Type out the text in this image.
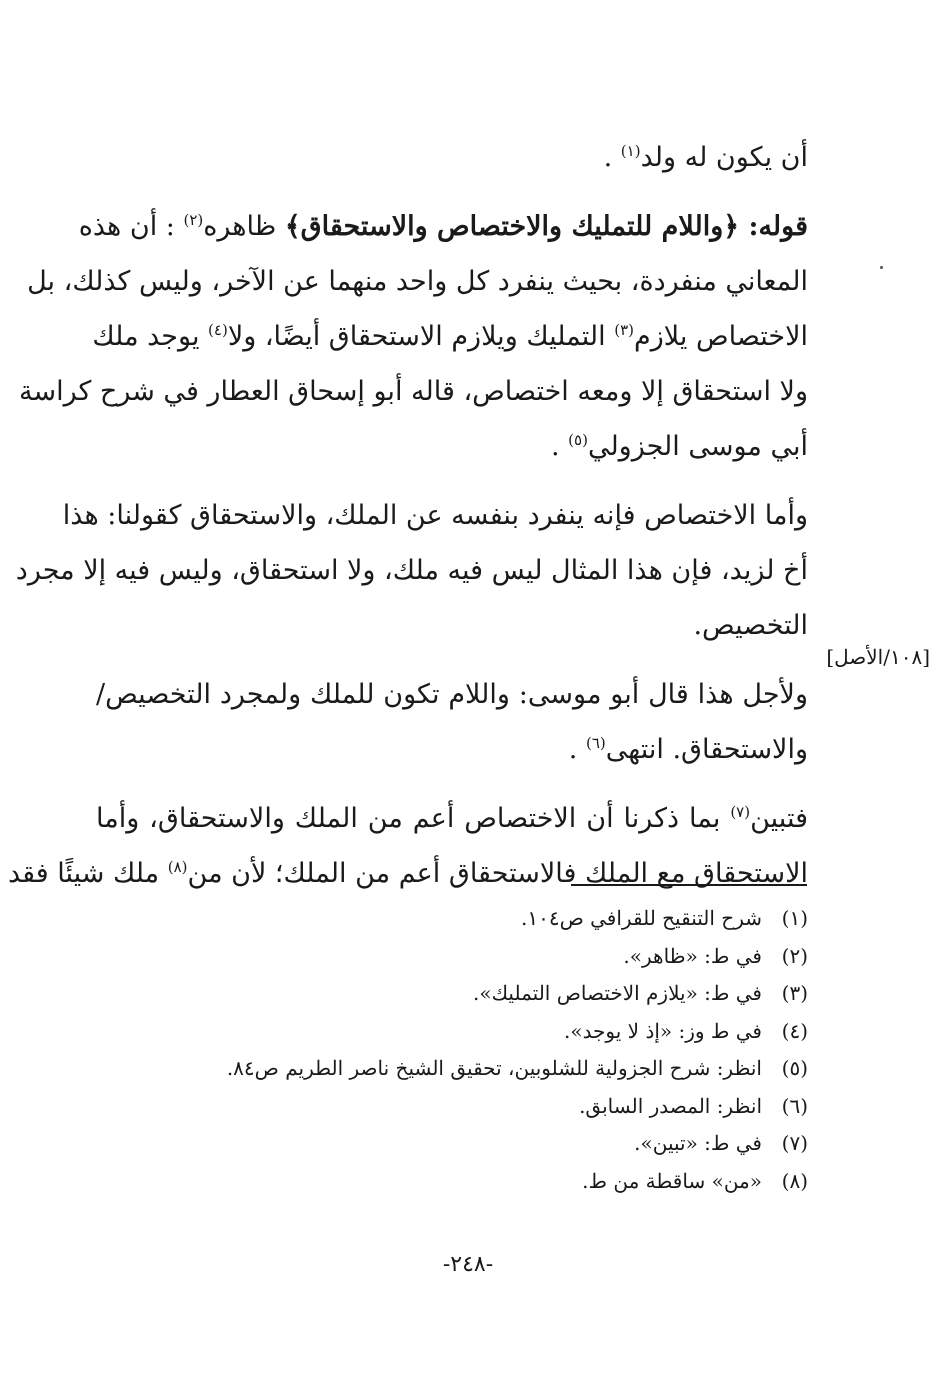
[١٠٨/الأصل]
أن يكون له ولد$^{(١)}$ .
قوله: ﴿واللام للتمليك والاختصاص والاستحقاق﴾ ظاهره$^{(٢)}$ : أن هذه
المعاني منفردة، بحيث ينفرد كل واحد منهما عن الآخر، وليس كذلك، بل
الاختصاص يلازم$^{(٣)}$ التمليك ويلازم الاستحقاق أيضًا، ولا$^{(٤)}$ يوجد ملك
ولا استحقاق إلا ومعه اختصاص، قاله أبو إسحاق العطار في شرح كراسة
أبي موسى الجزولي$^{(٥)}$ .
وأما الاختصاص فإنه ينفرد بنفسه عن الملك، والاستحقاق كقولنا: هذا
أخ لزيد، فإن هذا المثال ليس فيه ملك، ولا استحقاق، وليس فيه إلا مجرد
التخصيص.
ولأجل هذا قال أبو موسى: واللام تكون للملك ولمجرد التخصيص/
والاستحقاق. انتهى$^{(٦)}$ .
فتبين$^{(٧)}$ بما ذكرنا أن الاختصاص أعم من الملك والاستحقاق، وأما
الاستحقاق مع الملك فالاستحقاق أعم من الملك؛ لأن من$^{(٨)}$ ملك شيئًا فقد
(١)شرح التنقيح للقرافي ص١٠٤.
(٢)في ط: «ظاهر».
(٣)في ط: «يلازم الاختصاص التمليك».
(٤)في ط وز: «إذ لا يوجد».
(٥)انظر: شرح الجزولية للشلوبين، تحقيق الشيخ ناصر الطريم ص٨٤.
(٦)انظر: المصدر السابق.
(٧)في ط: «تبين».
(٨)«من» ساقطة من ط.
-٢٤٨-
